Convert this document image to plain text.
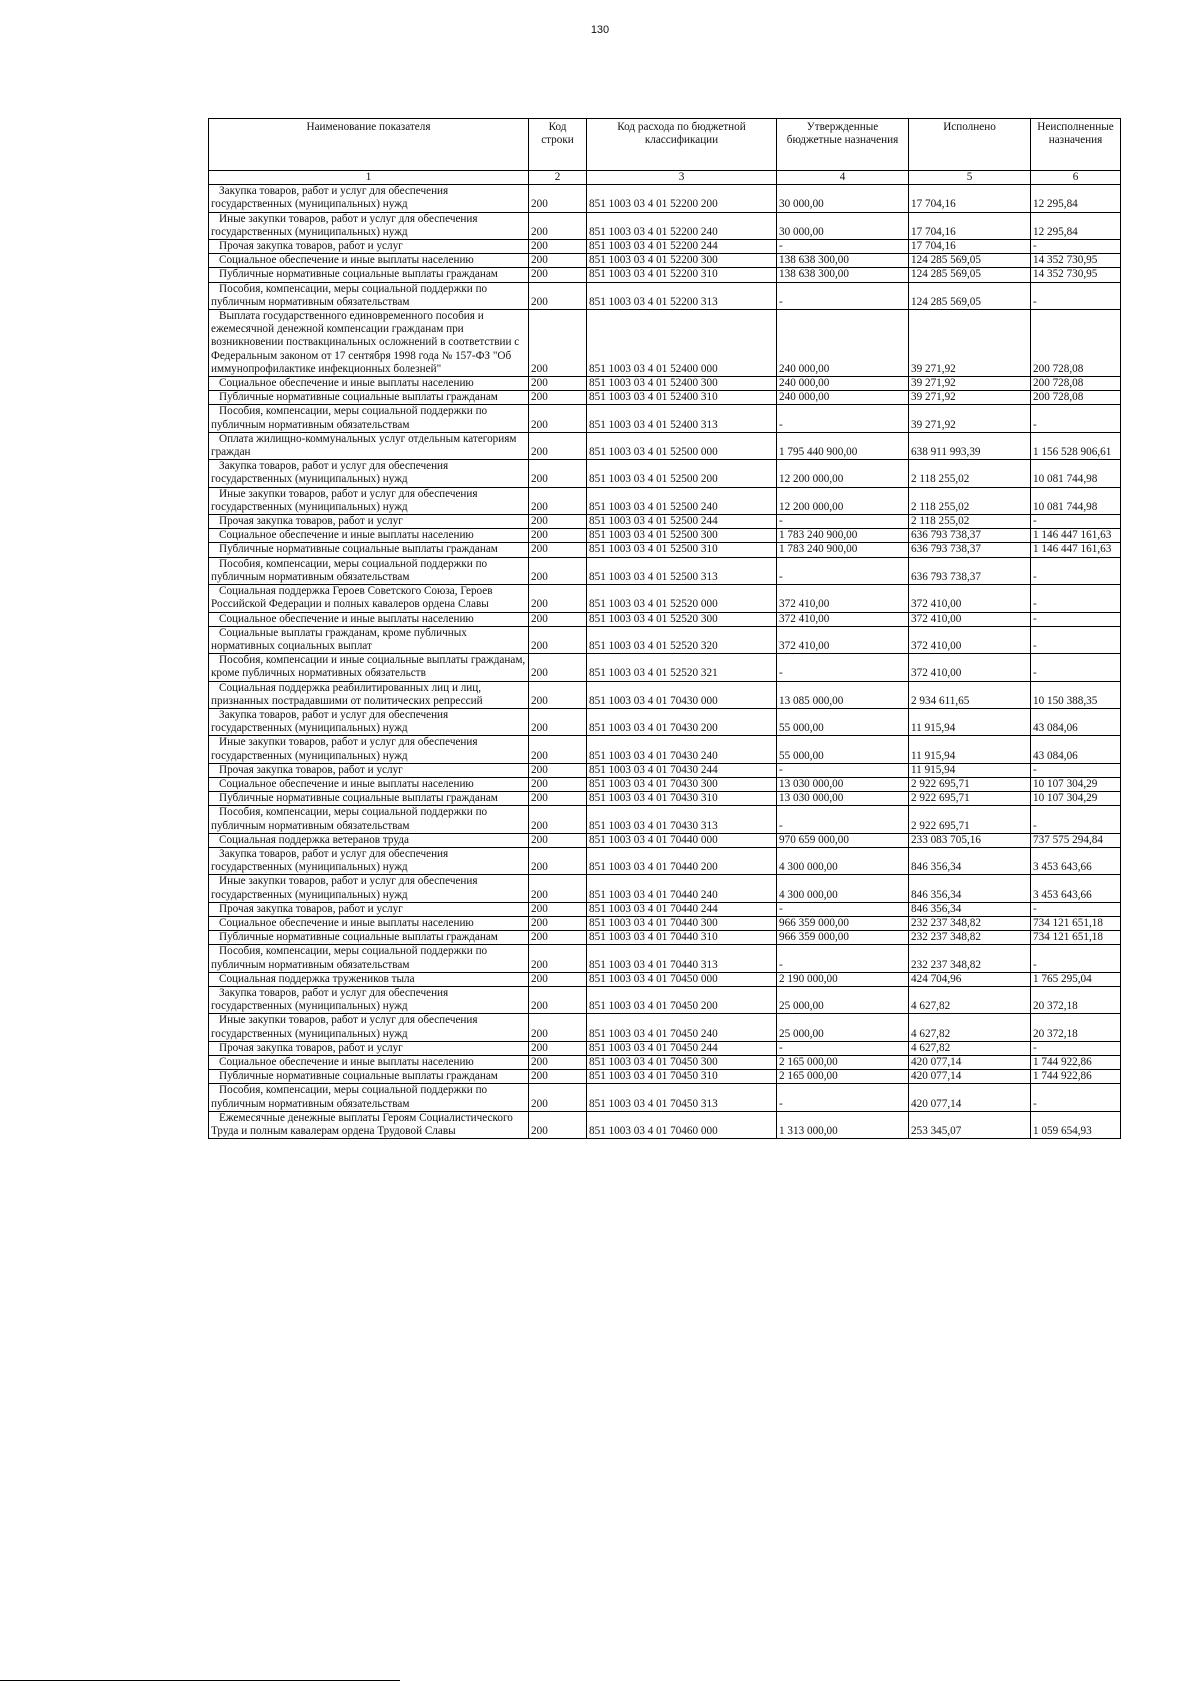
130
Наименование показателя	Код строки	Код расхода по бюджетной классификации	Утвержденные бюджетные назначения	Исполнено	Неисполненные назначения
1	2	3	4	5	6
Закупка товаров, работ и услуг для обеспечения государственных (муниципальных) нужд	200	851 1003 03 4 01 52200 200	30 000,00	17 704,16	12 295,84
Иные закупки товаров, работ и услуг для обеспечения государственных (муниципальных) нужд	200	851 1003 03 4 01 52200 240	30 000,00	17 704,16	12 295,84
Прочая закупка товаров, работ и услуг	200	851 1003 03 4 01 52200 244	-	17 704,16	-
Социальное обеспечение и иные выплаты населению	200	851 1003 03 4 01 52200 300	138 638 300,00	124 285 569,05	14 352 730,95
Публичные нормативные социальные выплаты гражданам	200	851 1003 03 4 01 52200 310	138 638 300,00	124 285 569,05	14 352 730,95
Пособия, компенсации, меры социальной поддержки по публичным нормативным обязательствам	200	851 1003 03 4 01 52200 313	-	124 285 569,05	-
Выплата государственного единовременного пособия и ежемесячной денежной компенсации гражданам при возникновении поствакцинальных осложнений в соответствии с Федеральным законом от 17 сентября 1998 года № 157-ФЗ "Об иммунопрофилактике инфекционных болезней"	200	851 1003 03 4 01 52400 000	240 000,00	39 271,92	200 728,08
Социальное обеспечение и иные выплаты населению	200	851 1003 03 4 01 52400 300	240 000,00	39 271,92	200 728,08
Публичные нормативные социальные выплаты гражданам	200	851 1003 03 4 01 52400 310	240 000,00	39 271,92	200 728,08
Пособия, компенсации, меры социальной поддержки по публичным нормативным обязательствам	200	851 1003 03 4 01 52400 313	-	39 271,92	-
Оплата жилищно-коммунальных услуг отдельным категориям граждан	200	851 1003 03 4 01 52500 000	1 795 440 900,00	638 911 993,39	1 156 528 906,61
Закупка товаров, работ и услуг для обеспечения государственных (муниципальных) нужд	200	851 1003 03 4 01 52500 200	12 200 000,00	2 118 255,02	10 081 744,98
Иные закупки товаров, работ и услуг для обеспечения государственных (муниципальных) нужд	200	851 1003 03 4 01 52500 240	12 200 000,00	2 118 255,02	10 081 744,98
Прочая закупка товаров, работ и услуг	200	851 1003 03 4 01 52500 244	-	2 118 255,02	-
Социальное обеспечение и иные выплаты населению	200	851 1003 03 4 01 52500 300	1 783 240 900,00	636 793 738,37	1 146 447 161,63
Публичные нормативные социальные выплаты гражданам	200	851 1003 03 4 01 52500 310	1 783 240 900,00	636 793 738,37	1 146 447 161,63
Пособия, компенсации, меры социальной поддержки по публичным нормативным обязательствам	200	851 1003 03 4 01 52500 313	-	636 793 738,37	-
Социальная поддержка Героев Советского Союза, Героев Российской Федерации и полных кавалеров ордена Славы	200	851 1003 03 4 01 52520 000	372 410,00	372 410,00	-
Социальное обеспечение и иные выплаты населению	200	851 1003 03 4 01 52520 300	372 410,00	372 410,00	-
Социальные выплаты гражданам, кроме публичных нормативных социальных выплат	200	851 1003 03 4 01 52520 320	372 410,00	372 410,00	-
Пособия, компенсации и иные социальные выплаты гражданам, кроме публичных нормативных обязательств	200	851 1003 03 4 01 52520 321	-	372 410,00	-
Социальная поддержка реабилитированных лиц и лиц, признанных пострадавшими от политических репрессий	200	851 1003 03 4 01 70430 000	13 085 000,00	2 934 611,65	10 150 388,35
Закупка товаров, работ и услуг для обеспечения государственных (муниципальных) нужд	200	851 1003 03 4 01 70430 200	55 000,00	11 915,94	43 084,06
Иные закупки товаров, работ и услуг для обеспечения государственных (муниципальных) нужд	200	851 1003 03 4 01 70430 240	55 000,00	11 915,94	43 084,06
Прочая закупка товаров, работ и услуг	200	851 1003 03 4 01 70430 244	-	11 915,94	-
Социальное обеспечение и иные выплаты населению	200	851 1003 03 4 01 70430 300	13 030 000,00	2 922 695,71	10 107 304,29
Публичные нормативные социальные выплаты гражданам	200	851 1003 03 4 01 70430 310	13 030 000,00	2 922 695,71	10 107 304,29
Пособия, компенсации, меры социальной поддержки по публичным нормативным обязательствам	200	851 1003 03 4 01 70430 313	-	2 922 695,71	-
Социальная поддержка ветеранов труда	200	851 1003 03 4 01 70440 000	970 659 000,00	233 083 705,16	737 575 294,84
Закупка товаров, работ и услуг для обеспечения государственных (муниципальных) нужд	200	851 1003 03 4 01 70440 200	4 300 000,00	846 356,34	3 453 643,66
Иные закупки товаров, работ и услуг для обеспечения государственных (муниципальных) нужд	200	851 1003 03 4 01 70440 240	4 300 000,00	846 356,34	3 453 643,66
Прочая закупка товаров, работ и услуг	200	851 1003 03 4 01 70440 244	-	846 356,34	-
Социальное обеспечение и иные выплаты населению	200	851 1003 03 4 01 70440 300	966 359 000,00	232 237 348,82	734 121 651,18
Публичные нормативные социальные выплаты гражданам	200	851 1003 03 4 01 70440 310	966 359 000,00	232 237 348,82	734 121 651,18
Пособия, компенсации, меры социальной поддержки по публичным нормативным обязательствам	200	851 1003 03 4 01 70440 313	-	232 237 348,82	-
Социальная поддержка тружеников тыла	200	851 1003 03 4 01 70450 000	2 190 000,00	424 704,96	1 765 295,04
Закупка товаров, работ и услуг для обеспечения государственных (муниципальных) нужд	200	851 1003 03 4 01 70450 200	25 000,00	4 627,82	20 372,18
Иные закупки товаров, работ и услуг для обеспечения государственных (муниципальных) нужд	200	851 1003 03 4 01 70450 240	25 000,00	4 627,82	20 372,18
Прочая закупка товаров, работ и услуг	200	851 1003 03 4 01 70450 244	-	4 627,82	-
Социальное обеспечение и иные выплаты населению	200	851 1003 03 4 01 70450 300	2 165 000,00	420 077,14	1 744 922,86
Публичные нормативные социальные выплаты гражданам	200	851 1003 03 4 01 70450 310	2 165 000,00	420 077,14	1 744 922,86
Пособия, компенсации, меры социальной поддержки по публичным нормативным обязательствам	200	851 1003 03 4 01 70450 313	-	420 077,14	-
Ежемесячные денежные выплаты Героям Социалистического Труда и полным кавалерам ордена Трудовой Славы	200	851 1003 03 4 01 70460 000	1 313 000,00	253 345,07	1 059 654,93
